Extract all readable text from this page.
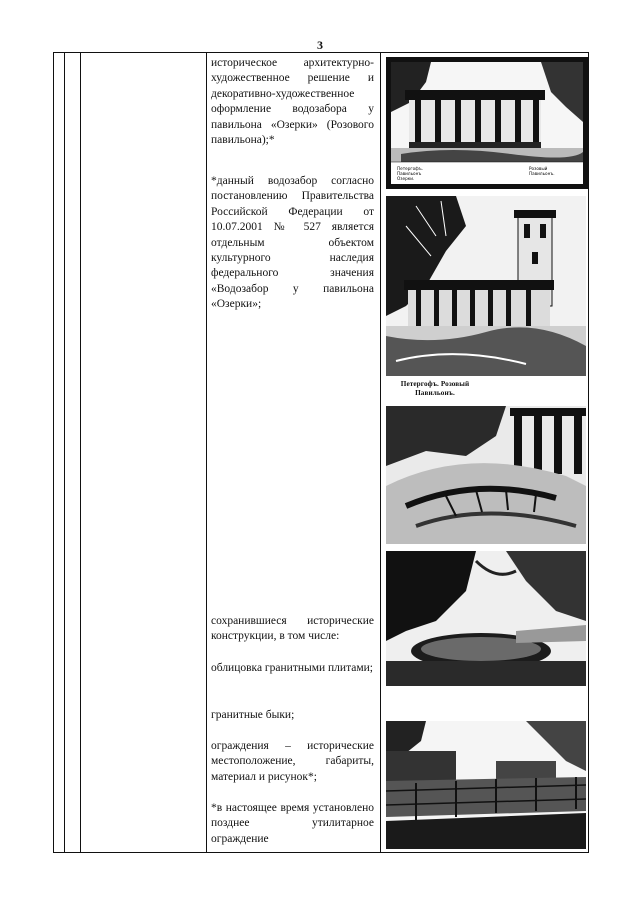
3

историческое архитектурно-художественное решение и декоративно-художественное оформление водозабора у павильона «Озерки» (Розового павильона);*

*данный водозабор согласно постановлению Правительства Российской Федерации от 10.07.2001 № 527 является отдельным объектом культурного наследия федерального значения «Водозабор у павильона «Озерки»;

сохранившиеся исторические конструкции, в том числе:

облицовка гранитными плитами;

гранитные быки;

ограждения – исторические местоположение, габариты, материал и рисунок*;

*в настоящее время установлено позднее утилитарное ограждение

Петергофъ. Павильонъ Озерки.
Розовый Павильонъ.
Петергофъ. Розовый Павильонъ.
